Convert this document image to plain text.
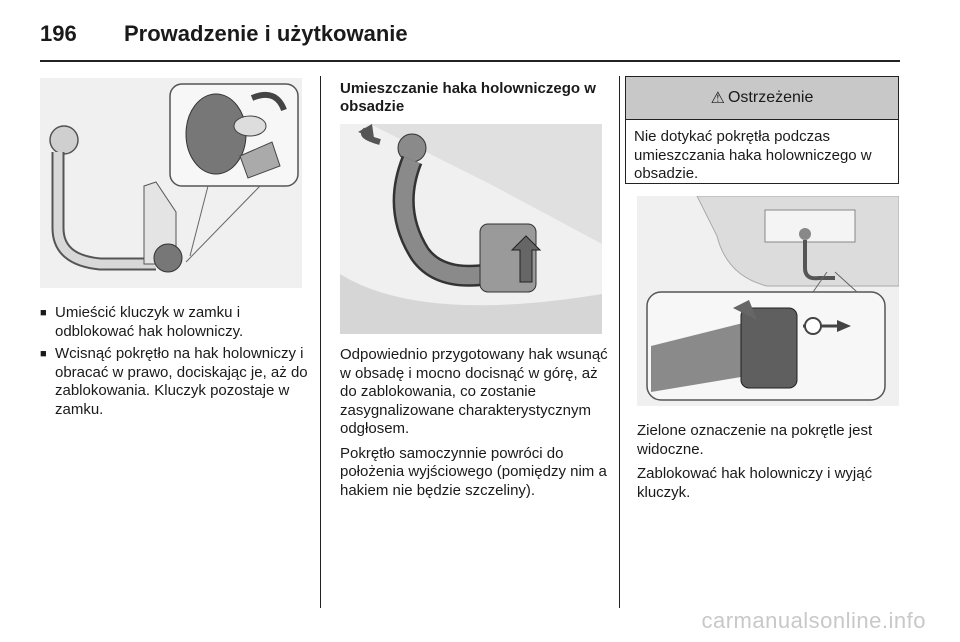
196	Prowadzenie i użytkowanie
■ Umieścić kluczyk w zamku i odblokować hak holowniczy.
■ Wcisnąć pokrętło na hak holowniczy i obracać w prawo, dociskając je, aż do zablokowania. Kluczyk pozostaje w zamku.
Umieszczanie haka holowniczego w obsadzie

Odpowiednio przygotowany hak wsunąć w obsadę i mocno docisnąć w górę, aż do zablokowania, co zostanie zasygnalizowane charakterystycznym odgłosem.

Pokrętło samoczynnie powróci do położenia wyjściowego (pomiędzy nim a hakiem nie będzie szczeliny).

⚠ Ostrzeżenie
Nie dotykać pokrętła podczas umieszczania haka holowniczego w obsadzie.

Zielone oznaczenie na pokrętle jest widoczne.

Zablokować hak holowniczy i wyjąć kluczyk.

carmanualsonline.info
